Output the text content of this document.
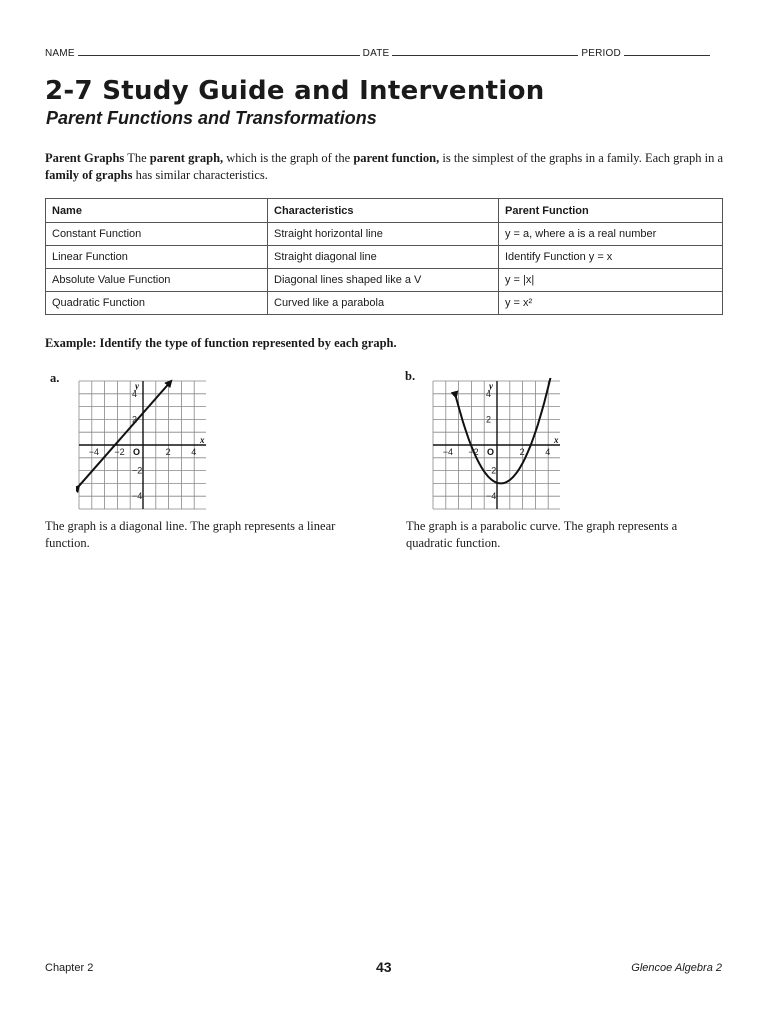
NAME	DATE	PERIOD
2-7 Study Guide and Intervention
Parent Functions and Transformations
Parent Graphs The parent graph, which is the graph of the parent function, is the simplest of the graphs in a family. Each graph in a family of graphs has similar characteristics.
Name	Characteristics	Parent Function
Constant Function	Straight horizontal line	y = a, where a is a real number
Linear Function	Straight diagonal line	Identify Function y = x
Absolute Value Function	Diagonal lines shaped like a V	y = |x|
Quadratic Function	Curved like a parabola	y = x²
Example: Identify the type of function represented by each graph.
a.
−4 −2	2 4
4
2
−2
−4
O
x
y
The graph is a diagonal line. The graph represents a linear function.
b.
−4 −2	2 4
4
2
−2
−4
O
x
y
The graph is a parabolic curve. The graph represents a quadratic function.
Chapter 2	43	Glencoe Algebra 2
